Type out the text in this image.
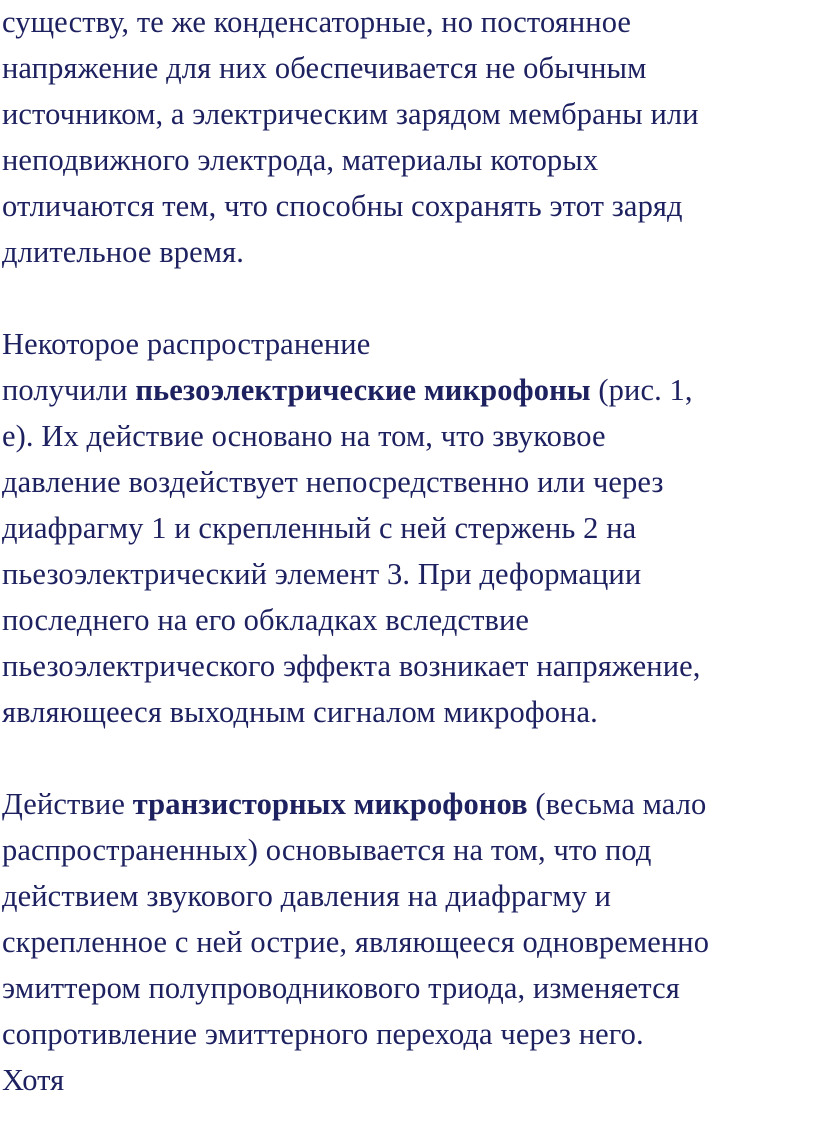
существу, те же конденсаторные, но постоянное
напряжение для них обеспечивается не обычным
источником, а электрическим зарядом мембраны или
неподвижного электрода, материалы которых
отличаются тем, что способны сохранять этот заряд
длительное время.
Некоторое распространение
получили пьезоэлектрические микрофоны (рис. 1,
е). Их действие основано на том, что звуковое
давление воздействует непосредственно или через
диафрагму 1 и скрепленный с ней стержень 2 на
пьезоэлектрический элемент 3. При деформации
последнего на его обкладках вследствие
пьезоэлектрического эффекта возникает напряжение,
являющееся выходным сигналом микрофона.
Действие транзисторных микрофонов (весьма мало
распространенных) основывается на том, что под
действием звукового давления на диафрагму и
скрепленное с ней острие, являющееся одновременно
эмиттером полупроводникового триода, изменяется
сопротивление эмиттерного перехода через него.
Хотя
